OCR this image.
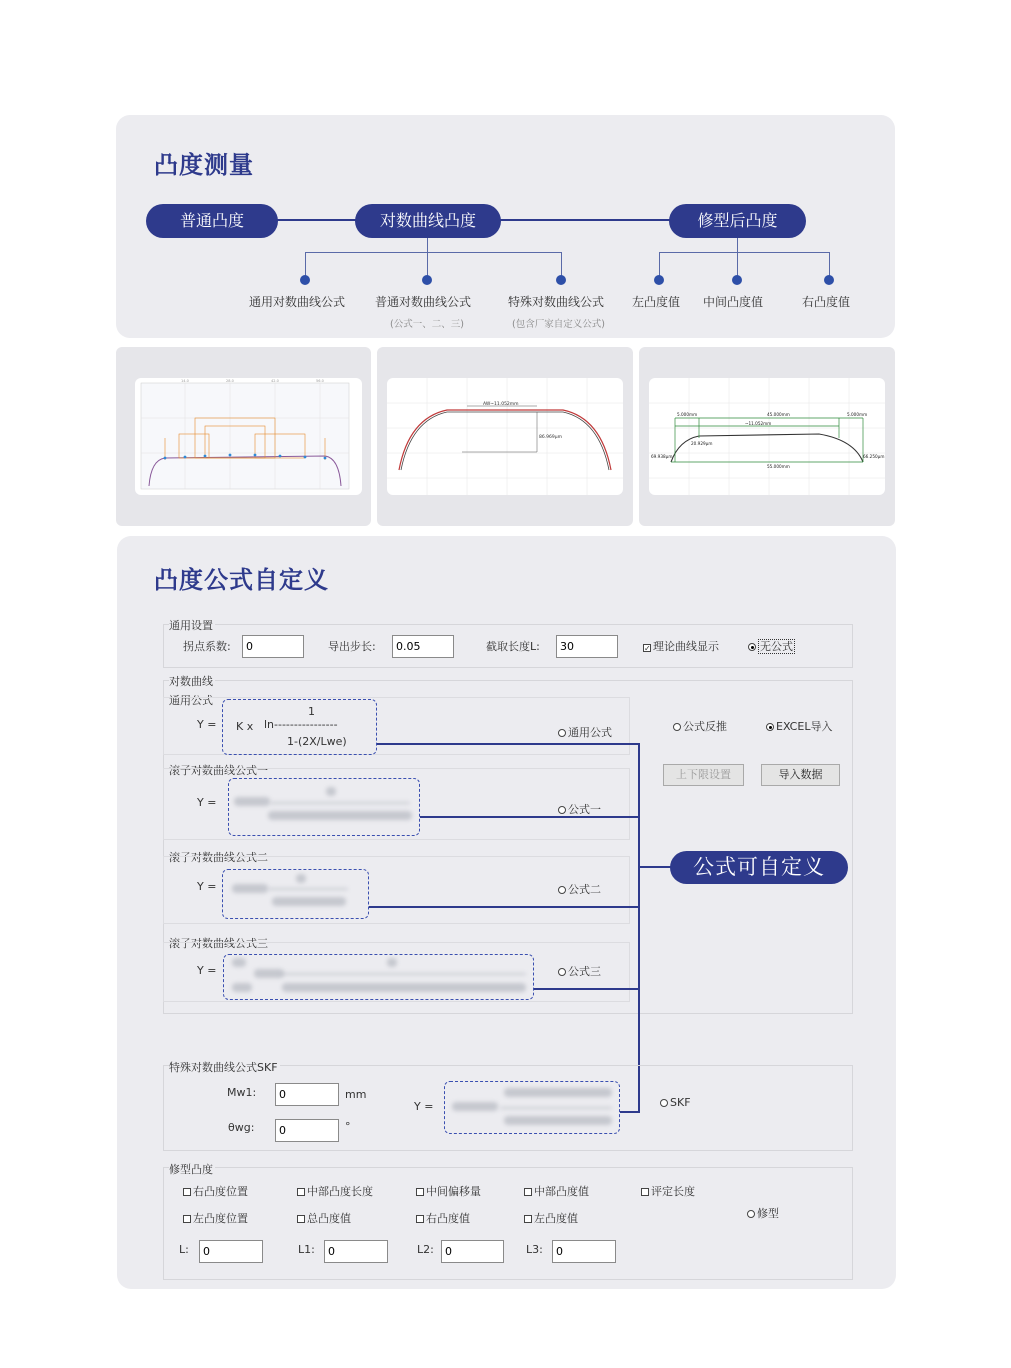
凸度测量
普通凸度	对数曲线凸度	修型后凸度
通用对数曲线公式 普通对数曲线公式
(公式一、二、三)
特殊对数曲线公式
(包含厂家自定义公式)
左凸度值 中间凸度值	右凸度值
14.0	28.0	42.0	56.0
AW~11.052mm
86.969μm
5.000mm	45.000mm	5.000mm
~11.052mm
20.929μm
69.938μm	66.250μm
55.000mm
凸度公式自定义
通用设置
拐点系数:	0	导出步长:	0.05	截取长度L:	30	✓ 理论曲线显示	无公式
对数曲线
通用公式
Y =
1
K x ln----------------
1-(2X/Lwe)
通用公式	公式反推	EXCEL导入
上下限设置	导入数据
滚子对数曲线公式一
Y =
公式一
滚子对数曲线公式二
Y =	公式二
滚子对数曲线公式三
Y =	公式三
公式可自定义
特殊对数曲线公式SKF
Mw1:	0	mm
θwg:	0	°
Y =	SKF
修型凸度
右凸度位置	中部凸度长度	中间偏移量	中部凸度值	评定长度
左凸度位置	总凸度值	右凸度值	左凸度值	修型
L:	0	L1:	0	L2:	0	L3:	0
